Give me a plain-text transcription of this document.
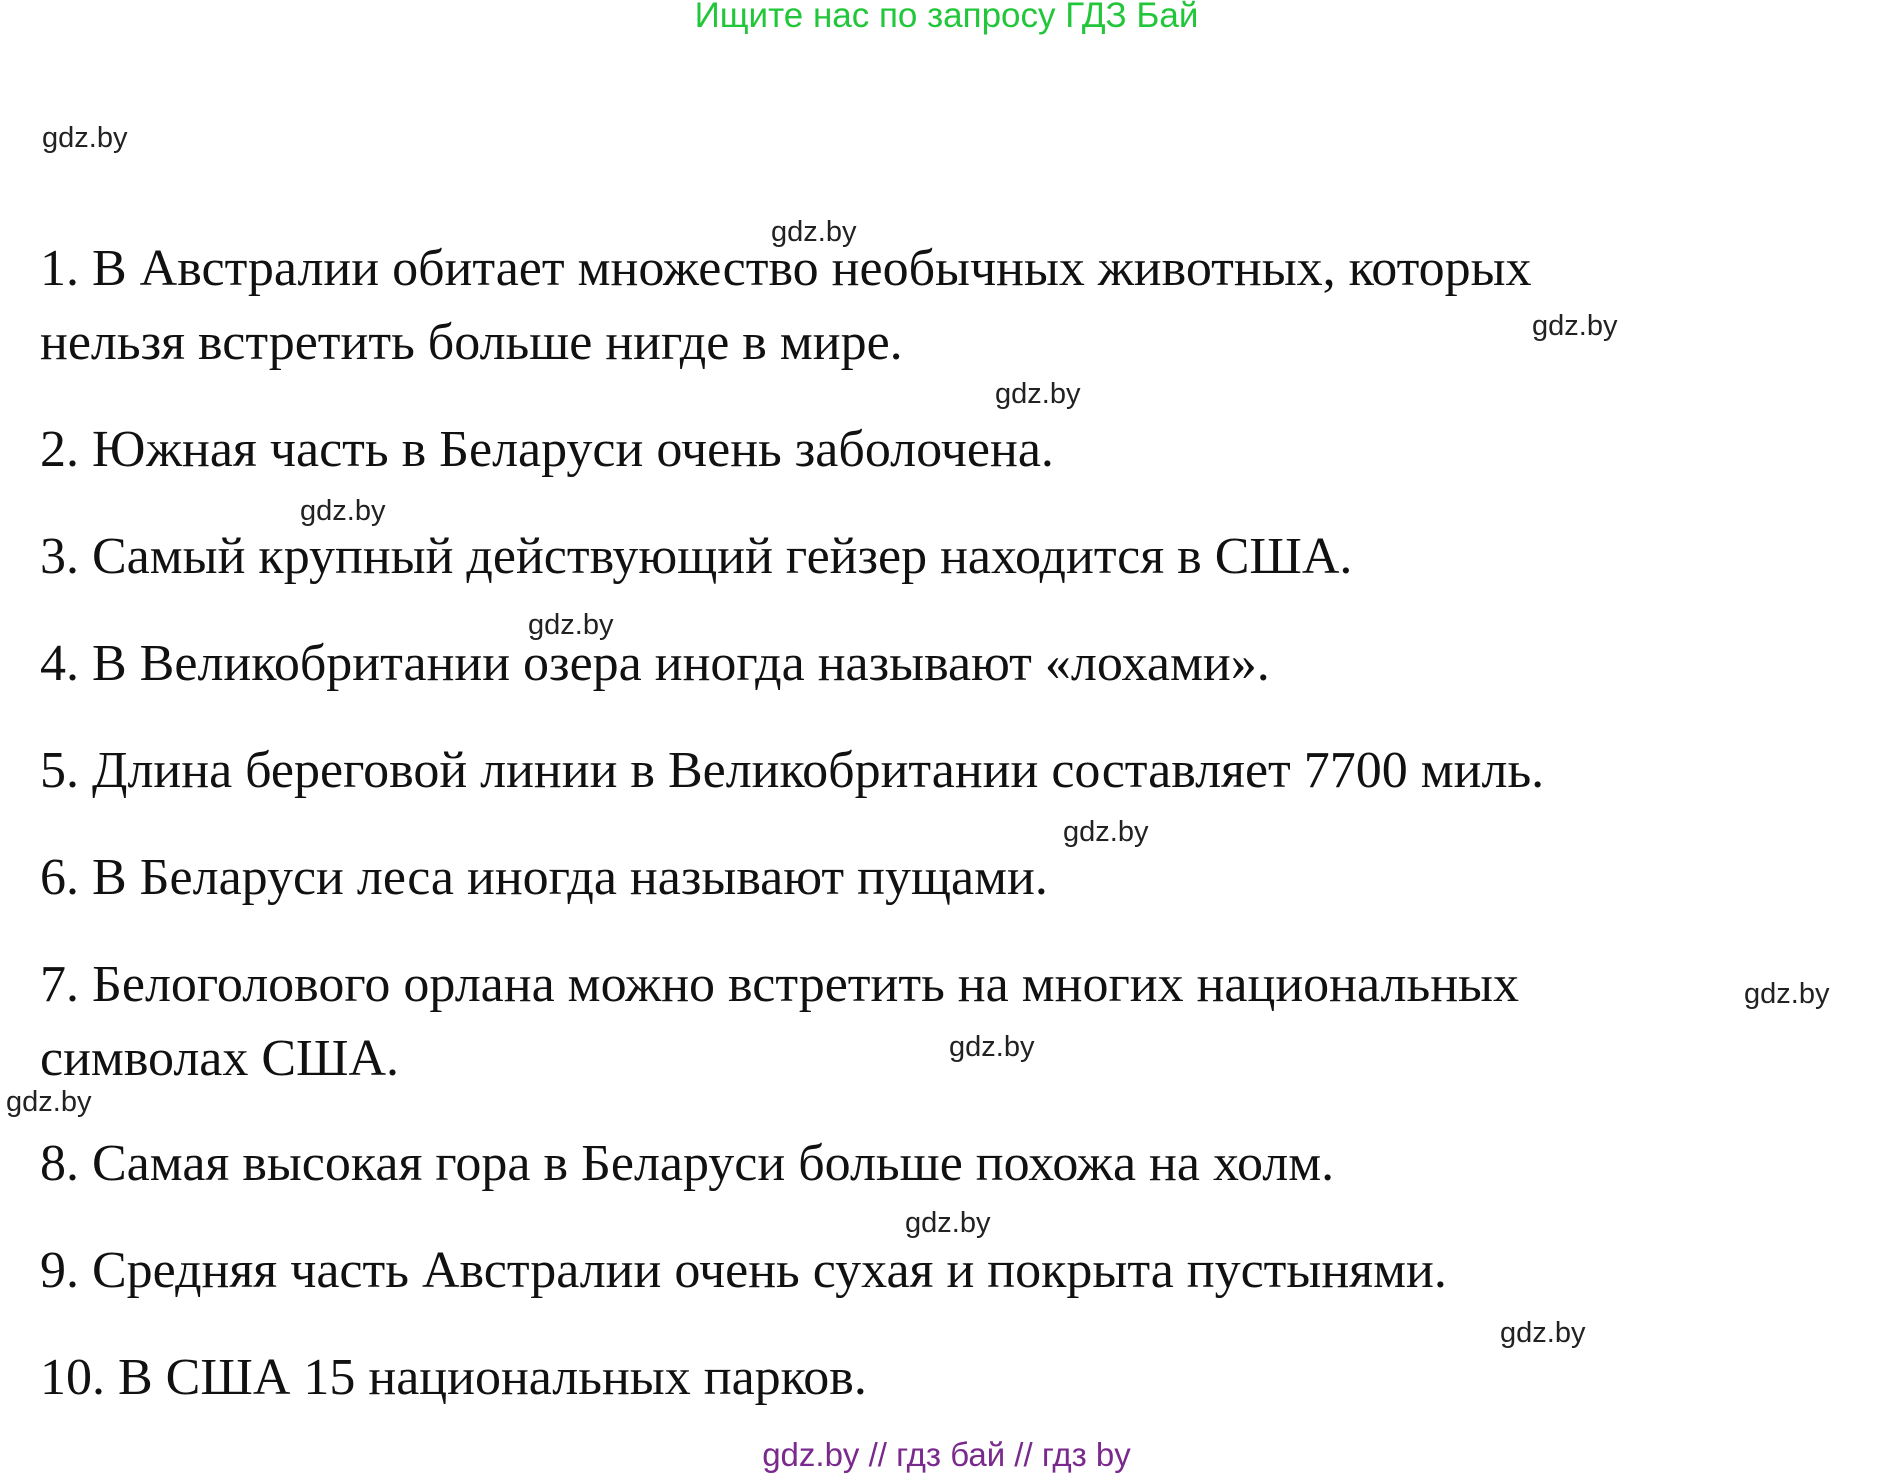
Ищите нас по запросу ГДЗ Бай
gdz.by
gdz.by
gdz.by
gdz.by
gdz.by
gdz.by
gdz.by
gdz.by
gdz.by
gdz.by
gdz.by
gdz.by
1. В Австралии обитает множество необычных животных, которых
нельзя встретить больше нигде в мире.
2. Южная часть в Беларуси очень заболочена.
3. Самый крупный действующий гейзер находится в США.
4. В Великобритании озера иногда называют «лохами».
5. Длина береговой линии в Великобритании составляет 7700 миль.
6. В Беларуси леса иногда называют пущами.
7. Белоголового орлана можно встретить на многих национальных
символах США.
8. Самая высокая гора в Беларуси больше похожа на холм.
9. Средняя часть Австралии очень сухая и покрыта пустынями.
10. В США 15 национальных парков.
gdz.by // гдз бай // гдз by
